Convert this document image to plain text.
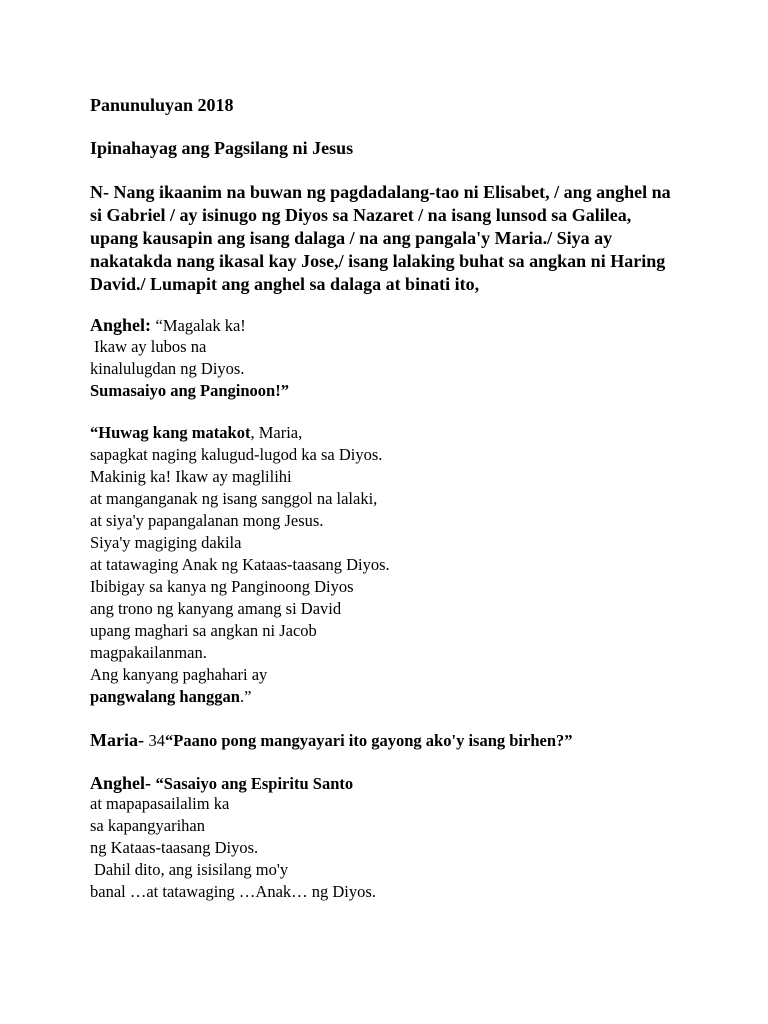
Panunuluyan 2018
Ipinahayag ang Pagsilang ni Jesus
N- Nang ikaanim na buwan ng pagdadalang-tao ni Elisabet, / ang anghel na
si Gabriel / ay isinugo ng Diyos sa Nazaret / na isang lunsod sa Galilea,
upang kausapin ang isang dalaga / na ang pangala'y Maria./ Siya ay
nakatakda nang ikasal kay Jose,/ isang lalaking buhat sa angkan ni Haring
David./ Lumapit ang anghel sa dalaga at binati ito,
Anghel: “Magalak ka!
Ikaw ay lubos na
kinalulugdan ng Diyos.
Sumasaiyo ang Panginoon!”
“Huwag kang matakot, Maria,
sapagkat naging kalugud-lugod ka sa Diyos.
Makinig ka! Ikaw ay maglilihi
at manganganak ng isang sanggol na lalaki,
at siya'y papangalanan mong Jesus.
Siya'y magiging dakila
at tatawaging Anak ng Kataas-taasang Diyos.
Ibibigay sa kanya ng Panginoong Diyos
ang trono ng kanyang amang si David
upang maghari sa angkan ni Jacob
magpakailanman.
Ang kanyang paghahari ay
pangwalang hanggan.”
Maria- 34“Paano pong mangyayari ito gayong ako'y isang birhen?”
Anghel- “Sasaiyo ang Espiritu Santo
at mapapasailalim ka
sa kapangyarihan
ng Kataas-taasang Diyos.
Dahil dito, ang isisilang mo'y
banal …at tatawaging …Anak… ng Diyos.
